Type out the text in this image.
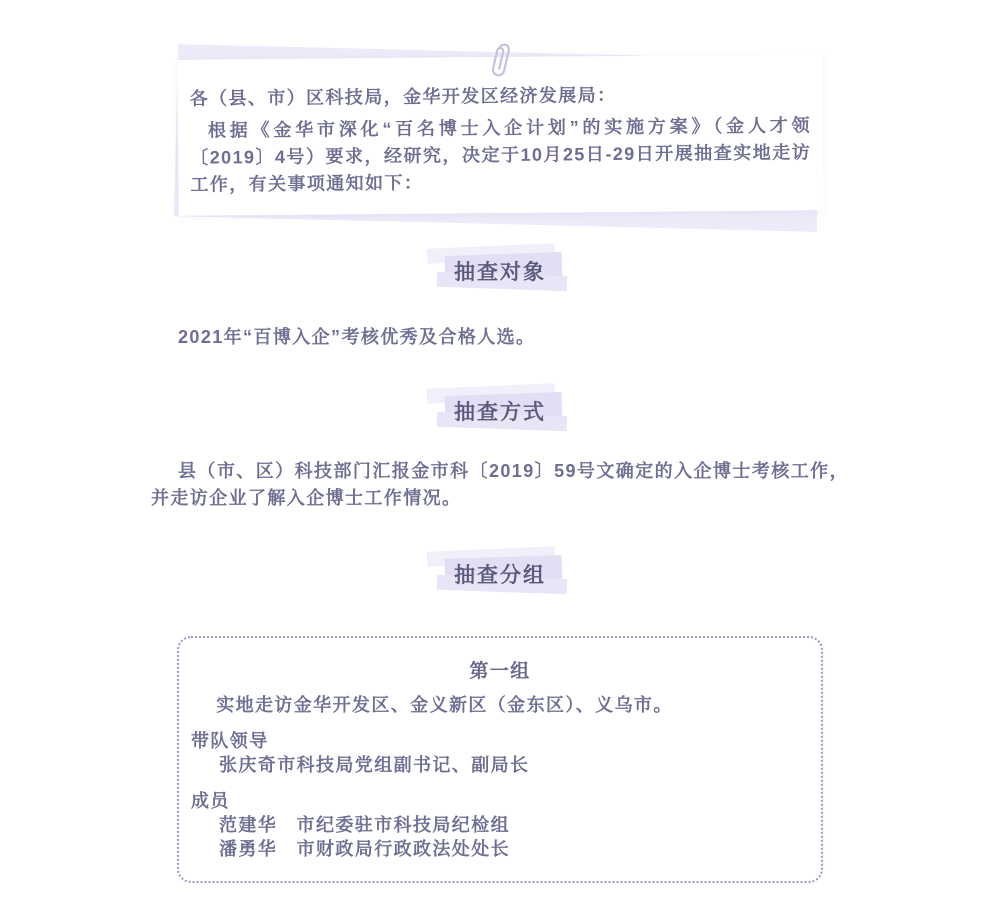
各（县、市）区科技局，金华开发区经济发展局：

根据《金华市深化“百名博士入企计划”的实施方案》（金人才领〔2019〕4号）要求，经研究，决定于10月25日-29日开展抽查实地走访工作，有关事项通知如下：

抽查对象

2021年“百博入企”考核优秀及合格人选。

抽查方式

县（市、区）科技部门汇报金市科〔2019〕59号文确定的入企博士考核工作，并走访企业了解入企博士工作情况。

抽查分组
第一组

实地走访金华开发区、金义新区（金东区）、义乌市。

带队领导

张庆奇市科技局党组副书记、副局长

成员

范建华　市纪委驻市科技局纪检组

潘勇华　市财政局行政政法处处长
